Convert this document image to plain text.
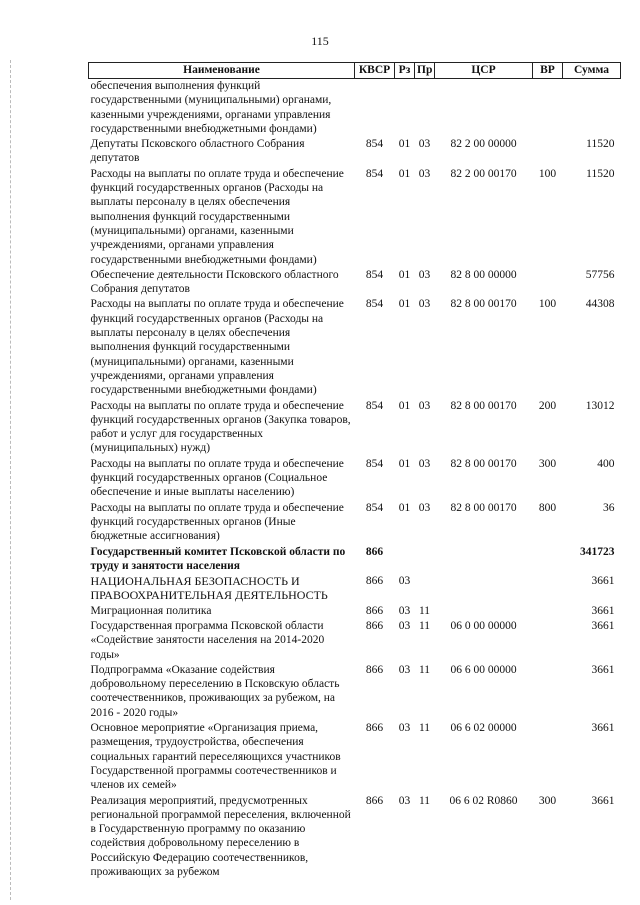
115
Наименование	КВСР	Рз	Пр	ЦСР	ВР	Сумма
обеспечения выполнения функций государственными (муниципальными) органами, казенными учреждениями, органами управления государственными внебюджетными фондами)						
Депутаты Псковского областного Собрания депутатов	854	01	03	82 2 00 00000		11520
Расходы на выплаты по оплате труда и обеспечение функций государственных органов (Расходы на выплаты персоналу в целях обеспечения выполнения функций государственными (муниципальными) органами, казенными учреждениями, органами управления государственными внебюджетными фондами)	854	01	03	82 2 00 00170	100	11520
Обеспечение деятельности Псковского областного Собрания депутатов	854	01	03	82 8 00 00000		57756
Расходы на выплаты по оплате труда и обеспечение функций государственных органов (Расходы на выплаты персоналу в целях обеспечения выполнения функций государственными (муниципальными) органами, казенными учреждениями, органами управления государственными внебюджетными фондами)	854	01	03	82 8 00 00170	100	44308
Расходы на выплаты по оплате труда и обеспечение функций государственных органов (Закупка товаров, работ и услуг для государственных (муниципальных) нужд)	854	01	03	82 8 00 00170	200	13012
Расходы на выплаты по оплате труда и обеспечение функций государственных органов (Социальное обеспечение и иные выплаты населению)	854	01	03	82 8 00 00170	300	400
Расходы на выплаты по оплате труда и обеспечение функций государственных органов (Иные бюджетные ассигнования)	854	01	03	82 8 00 00170	800	36
Государственный комитет Псковской области по труду и занятости населения	866					341723
НАЦИОНАЛЬНАЯ БЕЗОПАСНОСТЬ И ПРАВООХРАНИТЕЛЬНАЯ ДЕЯТЕЛЬНОСТЬ	866	03				3661
Миграционная политика	866	03	11			3661
Государственная программа Псковской области «Содействие занятости населения на 2014-2020 годы»	866	03	11	06 0 00 00000		3661
Подпрограмма «Оказание содействия добровольному переселению в Псковскую область соотечественников, проживающих за рубежом, на 2016 - 2020 годы»	866	03	11	06 6 00 00000		3661
Основное мероприятие «Организация приема, размещения, трудоустройства, обеспечения социальных гарантий переселяющихся участников Государственной программы соотечественников и членов их семей»	866	03	11	06 6 02 00000		3661
Реализация мероприятий, предусмотренных региональной программой переселения, включенной в Государственную программу по оказанию содействия добровольному переселению в Российскую Федерацию соотечественников, проживающих за рубежом	866	03	11	06 6 02 R0860	300	3661
